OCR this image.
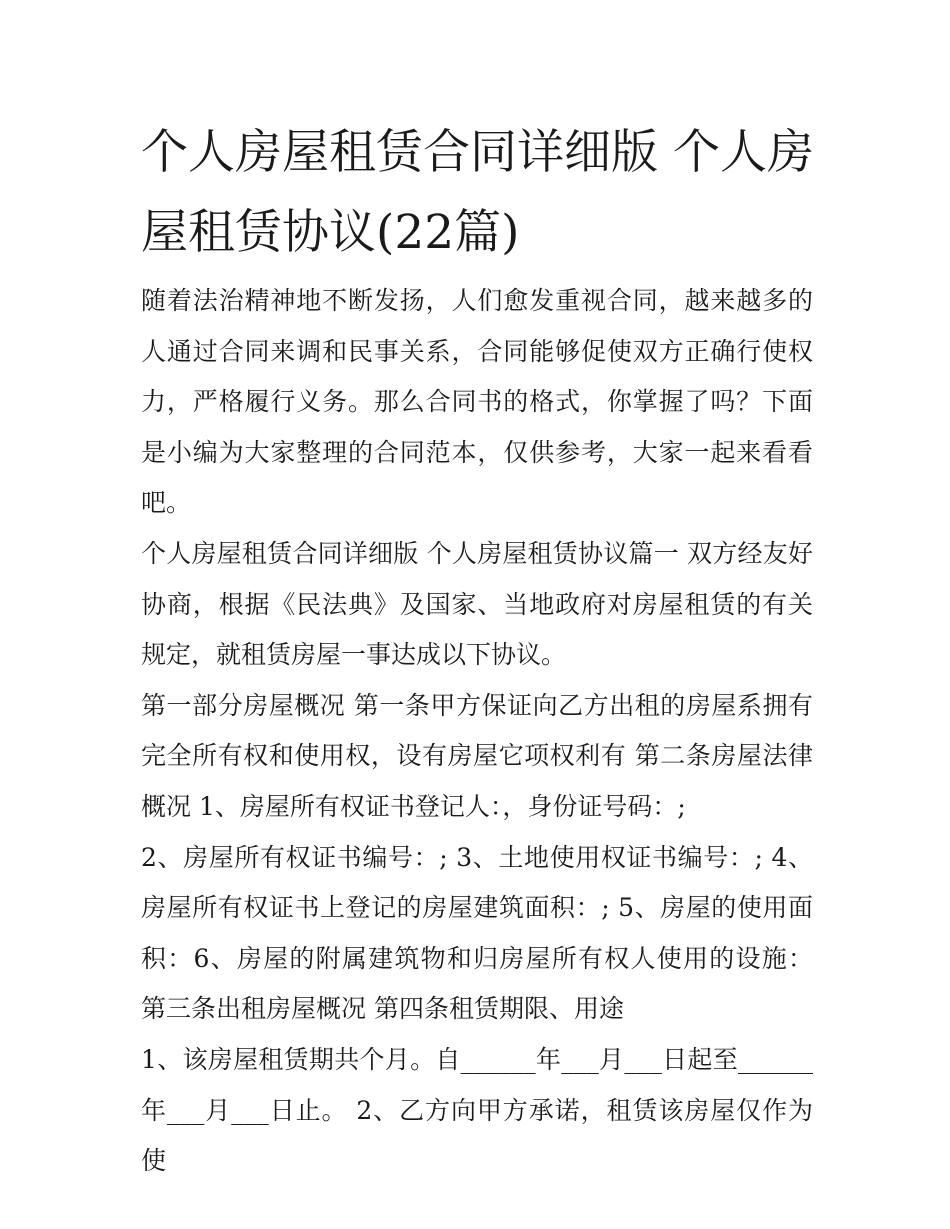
个人房屋租赁合同详细版 个人房屋租赁协议(22篇)

随着法治精神地不断发扬，人们愈发重视合同，越来越多的人通过合同来调和民事关系，合同能够促使双方正确行使权力，严格履行义务。那么合同书的格式，你掌握了吗？下面是小编为大家整理的合同范本，仅供参考，大家一起来看看吧。

个人房屋租赁合同详细版 个人房屋租赁协议篇一 双方经友好协商，根据《民法典》及国家、当地政府对房屋租赁的有关规定，就租赁房屋一事达成以下协议。

第一部分房屋概况 第一条甲方保证向乙方出租的房屋系拥有完全所有权和使用权，设有房屋它项权利有 第二条房屋法律概况 1、房屋所有权证书登记人：，身份证号码：;

2、房屋所有权证书编号：; 3、土地使用权证书编号：; 4、房屋所有权证书上登记的房屋建筑面积：; 5、房屋的使用面积：6、房屋的附属建筑物和归房屋所有权人使用的设施： 第三条出租房屋概况 第四条租赁期限、用途

1、该房屋租赁期共个月。自______年___月___日起至______年___月___日止。 2、乙方向甲方承诺，租赁该房屋仅作为使
